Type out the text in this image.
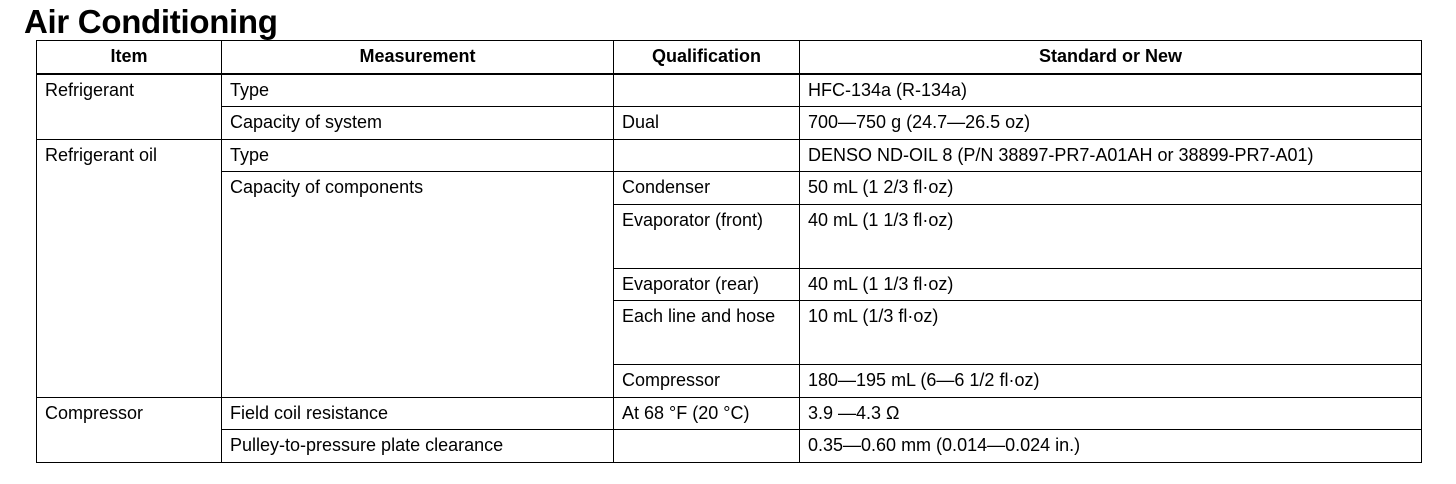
Air Conditioning
Item	Measurement	Qualification	Standard or New
Refrigerant	Type		HFC-134a (R-134a)
	Capacity of system	Dual	700—750 g (24.7—26.5 oz)
Refrigerant oil	Type		DENSO ND-OIL 8 (P/N 38897-PR7-A01AH or 38899-PR7-A01)
	Capacity of components	Condenser	50 mL (1 2/3 fl·oz)
		Evaporator (front)	40 mL (1 1/3 fl·oz)
		Evaporator (rear)	40 mL (1 1/3 fl·oz)
		Each line and hose	10 mL (1/3 fl·oz)
		Compressor	180—195 mL (6—6 1/2 fl·oz)
Compressor	Field coil resistance	At 68 °F (20 °C)	3.9 —4.3 Ω
	Pulley-to-pressure plate clearance		0.35—0.60 mm (0.014—0.024 in.)
